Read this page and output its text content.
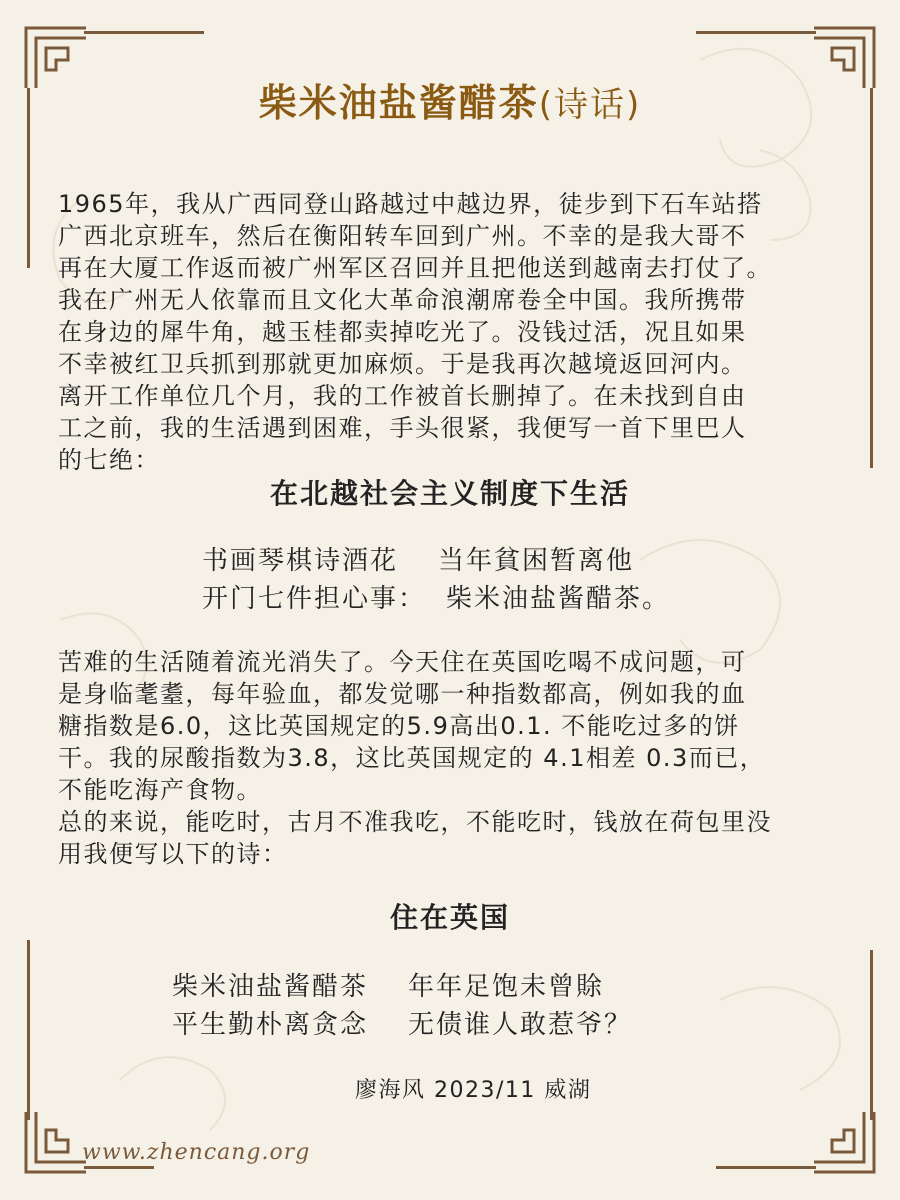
柴米油盐酱醋茶(诗话)
1965年，我从广西同登山路越过中越边界，徒步到下石车站搭
广西北京班车，然后在衡阳转车回到广州。不幸的是我大哥不
再在大厦工作返而被广州军区召回并且把他送到越南去打仗了。
我在广州无人依靠而且文化大革命浪潮席卷全中国。我所携带
在身边的犀牛角，越玉桂都卖掉吃光了。没钱过活，况且如果
不幸被红卫兵抓到那就更加麻烦。于是我再次越境返回河内。
离开工作单位几个月，我的工作被首长删掉了。在未找到自由
工之前，我的生活遇到困难，手头很紧，我便写一首下里巴人
的七绝：
在北越社会主义制度下生活
书画琴棋诗酒花 当年貧困暂离他
开门七件担心事： 柴米油盐酱醋茶。
苦难的生活随着流光消失了。今天住在英国吃喝不成问题，可
是身临耄耋，每年验血，都发觉哪一种指数都高，例如我的血
糖指数是6.0，这比英国规定的5.9高出0.1. 不能吃过多的饼
干。我的尿酸指数为3.8，这比英国规定的 4.1相差 0.3而已，
不能吃海产食物。
总的来说，能吃时，古月不准我吃，不能吃时，钱放在荷包里没
用我便写以下的诗：
住在英国
柴米油盐酱醋茶 年年足饱未曾賖
平生勤朴离贪念 无债谁人敢惹爷？
廖海风 2023/11 威湖
www.zhencang.org
